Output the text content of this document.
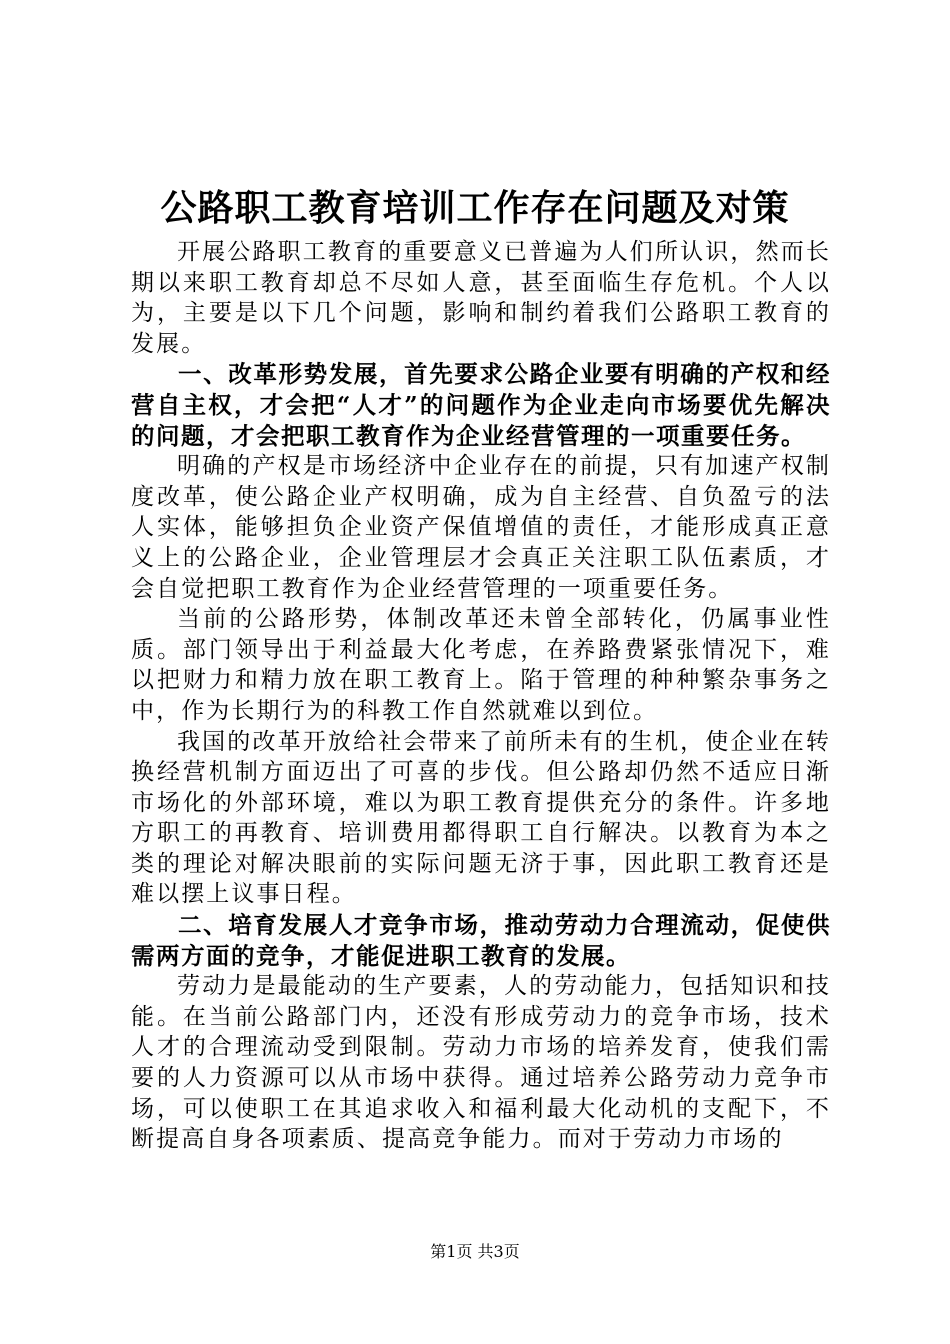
公路职工教育培训工作存在问题及对策

开展公路职工教育的重要意义已普遍为人们所认识，然而长期以来职工教育却总不尽如人意，甚至面临生存危机。个人以为，主要是以下几个问题，影响和制约着我们公路职工教育的发展。

一、改革形势发展，首先要求公路企业要有明确的产权和经营自主权，才会把“人才”的问题作为企业走向市场要优先解决的问题，才会把职工教育作为企业经营管理的一项重要任务。

明确的产权是市场经济中企业存在的前提，只有加速产权制度改革，使公路企业产权明确，成为自主经营、自负盈亏的法人实体，能够担负企业资产保值增值的责任，才能形成真正意义上的公路企业，企业管理层才会真正关注职工队伍素质，才会自觉把职工教育作为企业经营管理的一项重要任务。

当前的公路形势，体制改革还未曾全部转化，仍属事业性质。部门领导出于利益最大化考虑，在养路费紧张情况下，难以把财力和精力放在职工教育上。陷于管理的种种繁杂事务之中，作为长期行为的科教工作自然就难以到位。

我国的改革开放给社会带来了前所未有的生机，使企业在转换经营机制方面迈出了可喜的步伐。但公路却仍然不适应日渐市场化的外部环境，难以为职工教育提供充分的条件。许多地方职工的再教育、培训费用都得职工自行解决。以教育为本之类的理论对解决眼前的实际问题无济于事，因此职工教育还是难以摆上议事日程。

二、培育发展人才竞争市场，推动劳动力合理流动，促使供需两方面的竞争，才能促进职工教育的发展。

劳动力是最能动的生产要素，人的劳动能力，包括知识和技能。在当前公路部门内，还没有形成劳动力的竞争市场，技术人才的合理流动受到限制。劳动力市场的培养发育，使我们需要的人力资源可以从市场中获得。通过培养公路劳动力竞争市场，可以使职工在其追求收入和福利最大化动机的支配下，不断提高自身各项素质、提高竞争能力。而对于劳动力市场的

第1页 共3页
